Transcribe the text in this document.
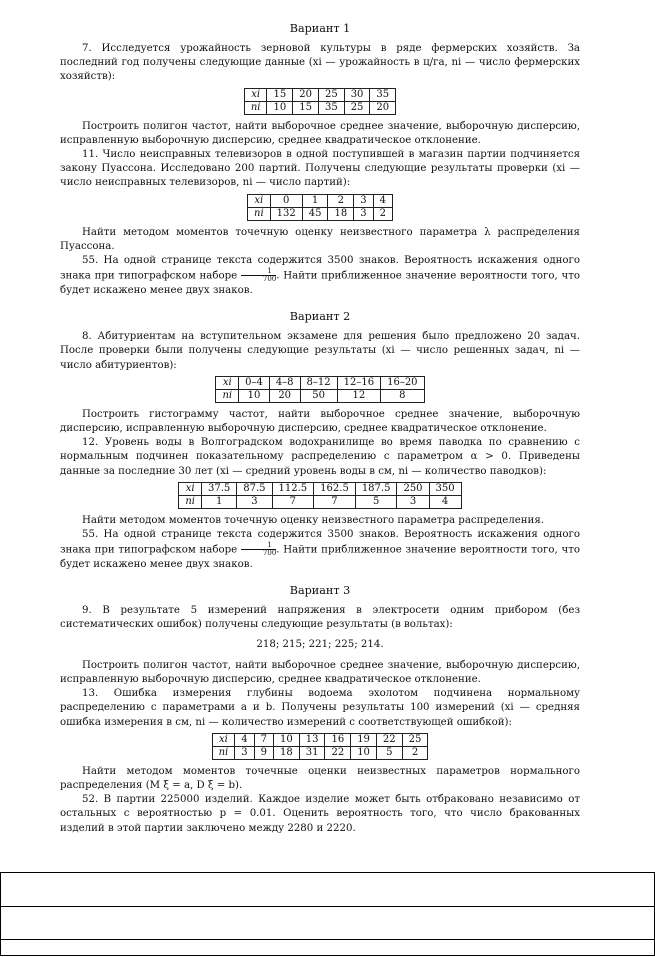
Вариант 1

7. Исследуется урожайность зерновой культуры в ряде фермерских хозяйств. За последний год получены следующие данные (xi — урожайность в ц/га, ni — число фермерских хозяйств):

xi	15	20	25	30	35
ni	10	15	35	25	20

Построить полигон частот, найти выборочное среднее значение, выборочную дисперсию, исправленную выборочную дисперсию, среднее квадратическое отклонение.

11. Число неисправных телевизоров в одной поступившей в магазин партии подчиняется закону Пуассона. Исследовано 200 партий. Получены следующие результаты проверки (xi — число неисправных телевизоров, ni — число партий):

xi	0	1	2	3	4
ni	132	45	18	3	2

Найти методом моментов точечную оценку неизвестного параметра λ распределения Пуассона.

55. На одной странице текста содержится 3500 знаков. Вероятность искажения одного знака при типографском наборе $\frac{1}{700}$ . Найти приближенное значение вероятности того, что будет искажено менее двух знаков.

Вариант 2

8. Абитуриентам на вступительном экзамене для решения было предложено 20 задач. После проверки были получены следующие результаты (xi — число решенных задач, ni — число абитуриентов):

xi	0–4	4–8	8–12	12–16	16–20
ni	10	20	50	12	8

Построить гистограмму частот, найти выборочное среднее значение, выборочную дисперсию, исправленную выборочную дисперсию, среднее квадратическое отклонение.

12. Уровень воды в Волгоградском водохранилище во время паводка по сравнению с нормальным подчинен показательному распределению с параметром α > 0. Приведены данные за последние 30 лет (xi — средний уровень воды в см, ni — количество паводков):

xi	37.5	87.5	112.5	162.5	187.5	250	350
ni	1	3	7	7	5	3	4

Найти методом моментов точечную оценку неизвестного параметра распределения.

55. На одной странице текста содержится 3500 знаков. Вероятность искажения одного знака при типографском наборе $\frac{1}{700}$ . Найти приближенное значение вероятности того, что будет искажено менее двух знаков.

Вариант 3

9. В результате 5 измерений напряжения в электросети одним прибором (без систематических ошибок) получены следующие результаты (в вольтах):

218; 215; 221; 225; 214.

Построить полигон частот, найти выборочное среднее значение, выборочную дисперсию, исправленную выборочную дисперсию, среднее квадратическое отклонение.

13. Ошибка измерения глубины водоема эхолотом подчинена нормальному распределению с параметрами a и b. Получены результаты 100 измерений (xi — средняя ошибка измерения в см, ni — количество измерений с соответствующей ошибкой):

xi	4	7	10	13	16	19	22	25
ni	3	9	18	31	22	10	5	2

Найти методом моментов точечные оценки неизвестных параметров нормального распределения (M ξ = a, D ξ = b).

52. В партии 225000 изделий. Каждое изделие может быть отбраковано независимо от остальных с вероятностью p = 0.01. Оценить вероятность того, что число бракованных изделий в этой партии заключено между 2280 и 2220.
